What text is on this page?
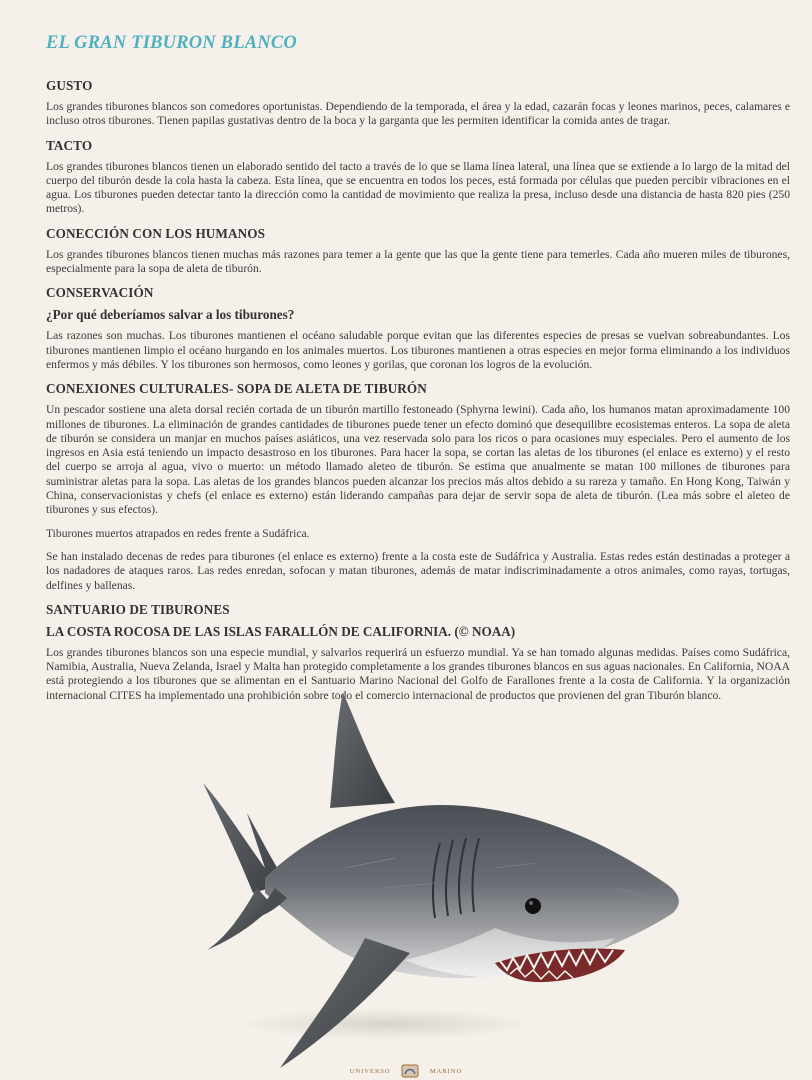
EL GRAN TIBURON BLANCO
GUSTO

Los grandes tiburones blancos son comedores oportunistas. Dependiendo de la temporada, el área y la edad, cazarán focas y leones marinos, peces, calamares e incluso otros tiburones. Tienen papilas gustativas dentro de la boca y la garganta que les permiten identificar la comida antes de tragar.

TACTO

Los grandes tiburones blancos tienen un elaborado sentido del tacto a través de lo que se llama línea lateral, una línea que se extiende a lo largo de la mitad del cuerpo del tiburón desde la cola hasta la cabeza. Esta línea, que se encuentra en todos los peces, está formada por células que pueden percibir vibraciones en el agua. Los tiburones pueden detectar tanto la dirección como la cantidad de movimiento que realiza la presa, incluso desde una distancia de hasta 820 pies (250 metros).

CONECCIÓN CON LOS HUMANOS

Los grandes tiburones blancos tienen muchas más razones para temer a la gente que las que la gente tiene para temerles. Cada año mueren miles de tiburones, especialmente para la sopa de aleta de tiburón.

CONSERVACIÓN
¿Por qué deberíamos salvar a los tiburones?

Las razones son muchas. Los tiburones mantienen el océano saludable porque evitan que las diferentes especies de presas se vuelvan sobreabundantes. Los tiburones mantienen limpio el océano hurgando en los animales muertos. Los tiburones mantienen a otras especies en mejor forma eliminando a los individuos enfermos y más débiles. Y los tiburones son hermosos, como leones y gorilas, que coronan los logros de la evolución.

CONEXIONES CULTURALES- SOPA DE ALETA DE TIBURÓN

Un pescador sostiene una aleta dorsal recién cortada de un tiburón martillo festoneado (Sphyrna lewini). Cada año, los humanos matan aproximadamente 100 millones de tiburones. La eliminación de grandes cantidades de tiburones puede tener un efecto dominó que desequilibre ecosistemas enteros. La sopa de aleta de tiburón se considera un manjar en muchos países asiáticos, una vez reservada solo para los ricos o para ocasiones muy especiales. Pero el aumento de los ingresos en Asia está teniendo un impacto desastroso en los tiburones. Para hacer la sopa, se cortan las aletas de los tiburones (el enlace es externo) y el resto del cuerpo se arroja al agua, vivo o muerto: un método llamado aleteo de tiburón. Se estima que anualmente se matan 100 millones de tiburones para suministrar aletas para la sopa. Las aletas de los grandes blancos pueden alcanzar los precios más altos debido a su rareza y tamaño. En Hong Kong, Taiwán y China, conservacionistas y chefs (el enlace es externo) están liderando campañas para dejar de servir sopa de aleta de tiburón. (Lea más sobre el aleteo de tiburones y sus efectos).

Tiburones muertos atrapados en redes frente a Sudáfrica.

Se han instalado decenas de redes para tiburones (el enlace es externo) frente a la costa este de Sudáfrica y Australia. Estas redes están destinadas a proteger a los nadadores de ataques raros. Las redes enredan, sofocan y matan tiburones, además de matar indiscriminadamente a otros animales, como rayas, tortugas, delfines y ballenas.

SANTUARIO DE TIBURONES
LA COSTA ROCOSA DE LAS ISLAS FARALLÓN DE CALIFORNIA. (© NOAA)

Los grandes tiburones blancos son una especie mundial, y salvarlos requerirá un esfuerzo mundial. Ya se han tomado algunas medidas. Países como Sudáfrica, Namibia, Australia, Nueva Zelanda, Israel y Malta han protegido completamente a los grandes tiburones blancos en sus aguas nacionales. En California, NOAA está protegiendo a los tiburones que se alimentan en el Santuario Marino Nacional del Golfo de Farallones frente a la costa de California. Y la organización internacional CITES ha implementado una prohibición sobre todo el comercio internacional de productos que provienen del gran Tiburón blanco.

UNIVERSO	MARINO
